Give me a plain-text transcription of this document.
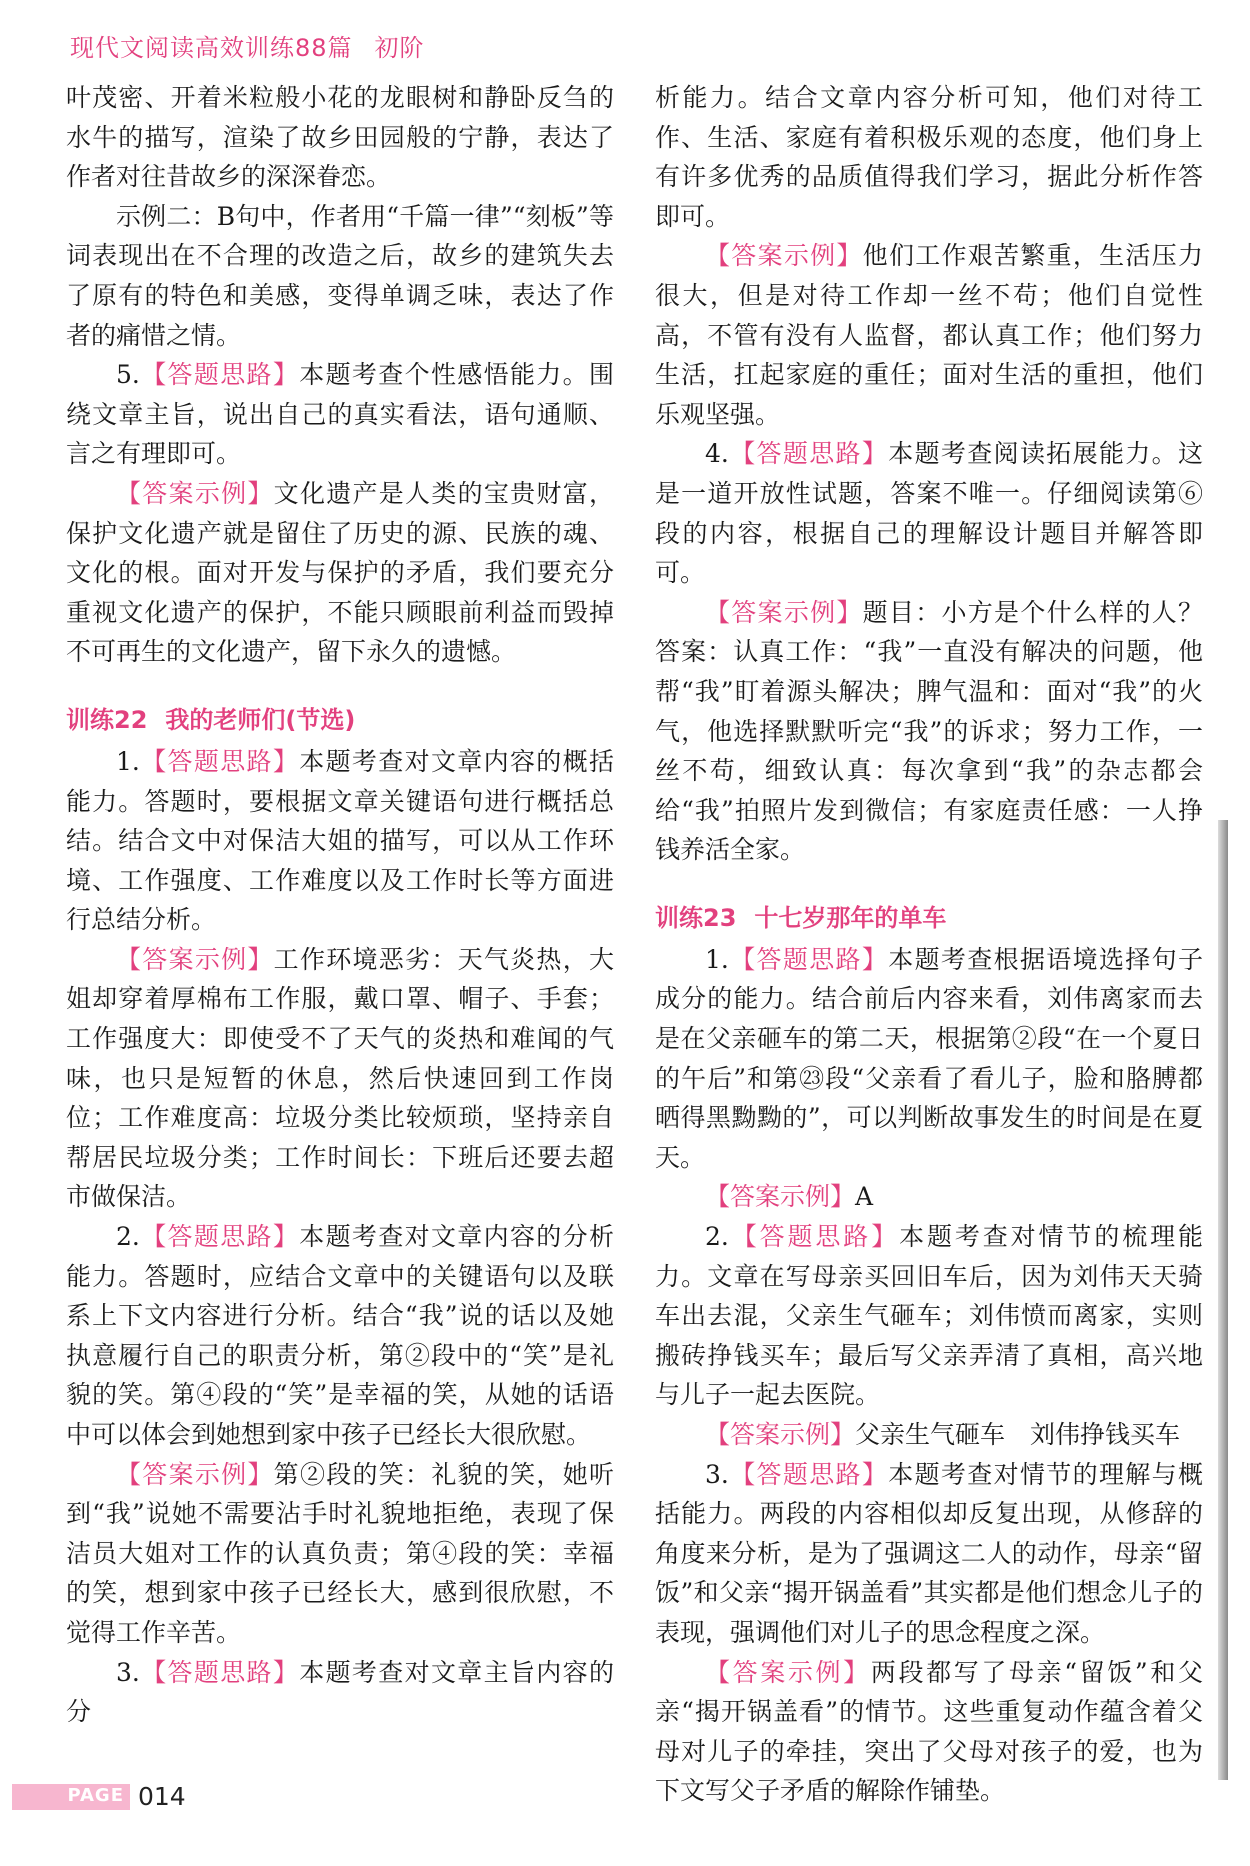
现代文阅读高效训练88篇 初阶

叶茂密、开着米粒般小花的龙眼树和静卧反刍的水牛的描写，渲染了故乡田园般的宁静，表达了作者对往昔故乡的深深眷恋。

示例二：B句中，作者用“千篇一律”“刻板”等词表现出在不合理的改造之后，故乡的建筑失去了原有的特色和美感，变得单调乏味，表达了作者的痛惜之情。

5.【答题思路】本题考查个性感悟能力。围绕文章主旨，说出自己的真实看法，语句通顺、言之有理即可。

【答案示例】文化遗产是人类的宝贵财富，保护文化遗产就是留住了历史的源、民族的魂、文化的根。面对开发与保护的矛盾，我们要充分重视文化遗产的保护，不能只顾眼前利益而毁掉不可再生的文化遗产，留下永久的遗憾。

训练22 我的老师们(节选)

1.【答题思路】本题考查对文章内容的概括能力。答题时，要根据文章关键语句进行概括总结。结合文中对保洁大姐的描写，可以从工作环境、工作强度、工作难度以及工作时长等方面进行总结分析。

【答案示例】工作环境恶劣：天气炎热，大姐却穿着厚棉布工作服，戴口罩、帽子、手套；工作强度大：即使受不了天气的炎热和难闻的气味，也只是短暂的休息，然后快速回到工作岗位；工作难度高：垃圾分类比较烦琐，坚持亲自帮居民垃圾分类；工作时间长：下班后还要去超市做保洁。

2.【答题思路】本题考查对文章内容的分析能力。答题时，应结合文章中的关键语句以及联系上下文内容进行分析。结合“我”说的话以及她执意履行自己的职责分析，第②段中的“笑”是礼貌的笑。第④段的“笑”是幸福的笑，从她的话语中可以体会到她想到家中孩子已经长大很欣慰。

【答案示例】第②段的笑：礼貌的笑，她听到“我”说她不需要沾手时礼貌地拒绝，表现了保洁员大姐对工作的认真负责；第④段的笑：幸福的笑，想到家中孩子已经长大，感到很欣慰，不觉得工作辛苦。

3.【答题思路】本题考查对文章主旨内容的分

析能力。结合文章内容分析可知，他们对待工作、生活、家庭有着积极乐观的态度，他们身上有许多优秀的品质值得我们学习，据此分析作答即可。

【答案示例】他们工作艰苦繁重，生活压力很大，但是对待工作却一丝不苟；他们自觉性高，不管有没有人监督，都认真工作；他们努力生活，扛起家庭的重任；面对生活的重担，他们乐观坚强。

4.【答题思路】本题考查阅读拓展能力。这是一道开放性试题，答案不唯一。仔细阅读第⑥段的内容，根据自己的理解设计题目并解答即可。

【答案示例】题目：小方是个什么样的人？答案：认真工作：“我”一直没有解决的问题，他帮“我”盯着源头解决；脾气温和：面对“我”的火气，他选择默默听完“我”的诉求；努力工作，一丝不苟，细致认真：每次拿到“我”的杂志都会给“我”拍照片发到微信；有家庭责任感：一人挣钱养活全家。

训练23 十七岁那年的单车

1.【答题思路】本题考查根据语境选择句子成分的能力。结合前后内容来看，刘伟离家而去是在父亲砸车的第二天，根据第②段“在一个夏日的午后”和第㉓段“父亲看了看儿子，脸和胳膊都晒得黑黝黝的”，可以判断故事发生的时间是在夏天。

【答案示例】A

2.【答题思路】本题考查对情节的梳理能力。文章在写母亲买回旧车后，因为刘伟天天骑车出去混，父亲生气砸车；刘伟愤而离家，实则搬砖挣钱买车；最后写父亲弄清了真相，高兴地与儿子一起去医院。

【答案示例】父亲生气砸车　刘伟挣钱买车

3.【答题思路】本题考查对情节的理解与概括能力。两段的内容相似却反复出现，从修辞的角度来分析，是为了强调这二人的动作，母亲“留饭”和父亲“揭开锅盖看”其实都是他们想念儿子的表现，强调他们对儿子的思念程度之深。

【答案示例】两段都写了母亲“留饭”和父亲“揭开锅盖看”的情节。这些重复动作蕴含着父母对儿子的牵挂，突出了父母对孩子的爱，也为下文写父子矛盾的解除作铺垫。

PAGE 014
